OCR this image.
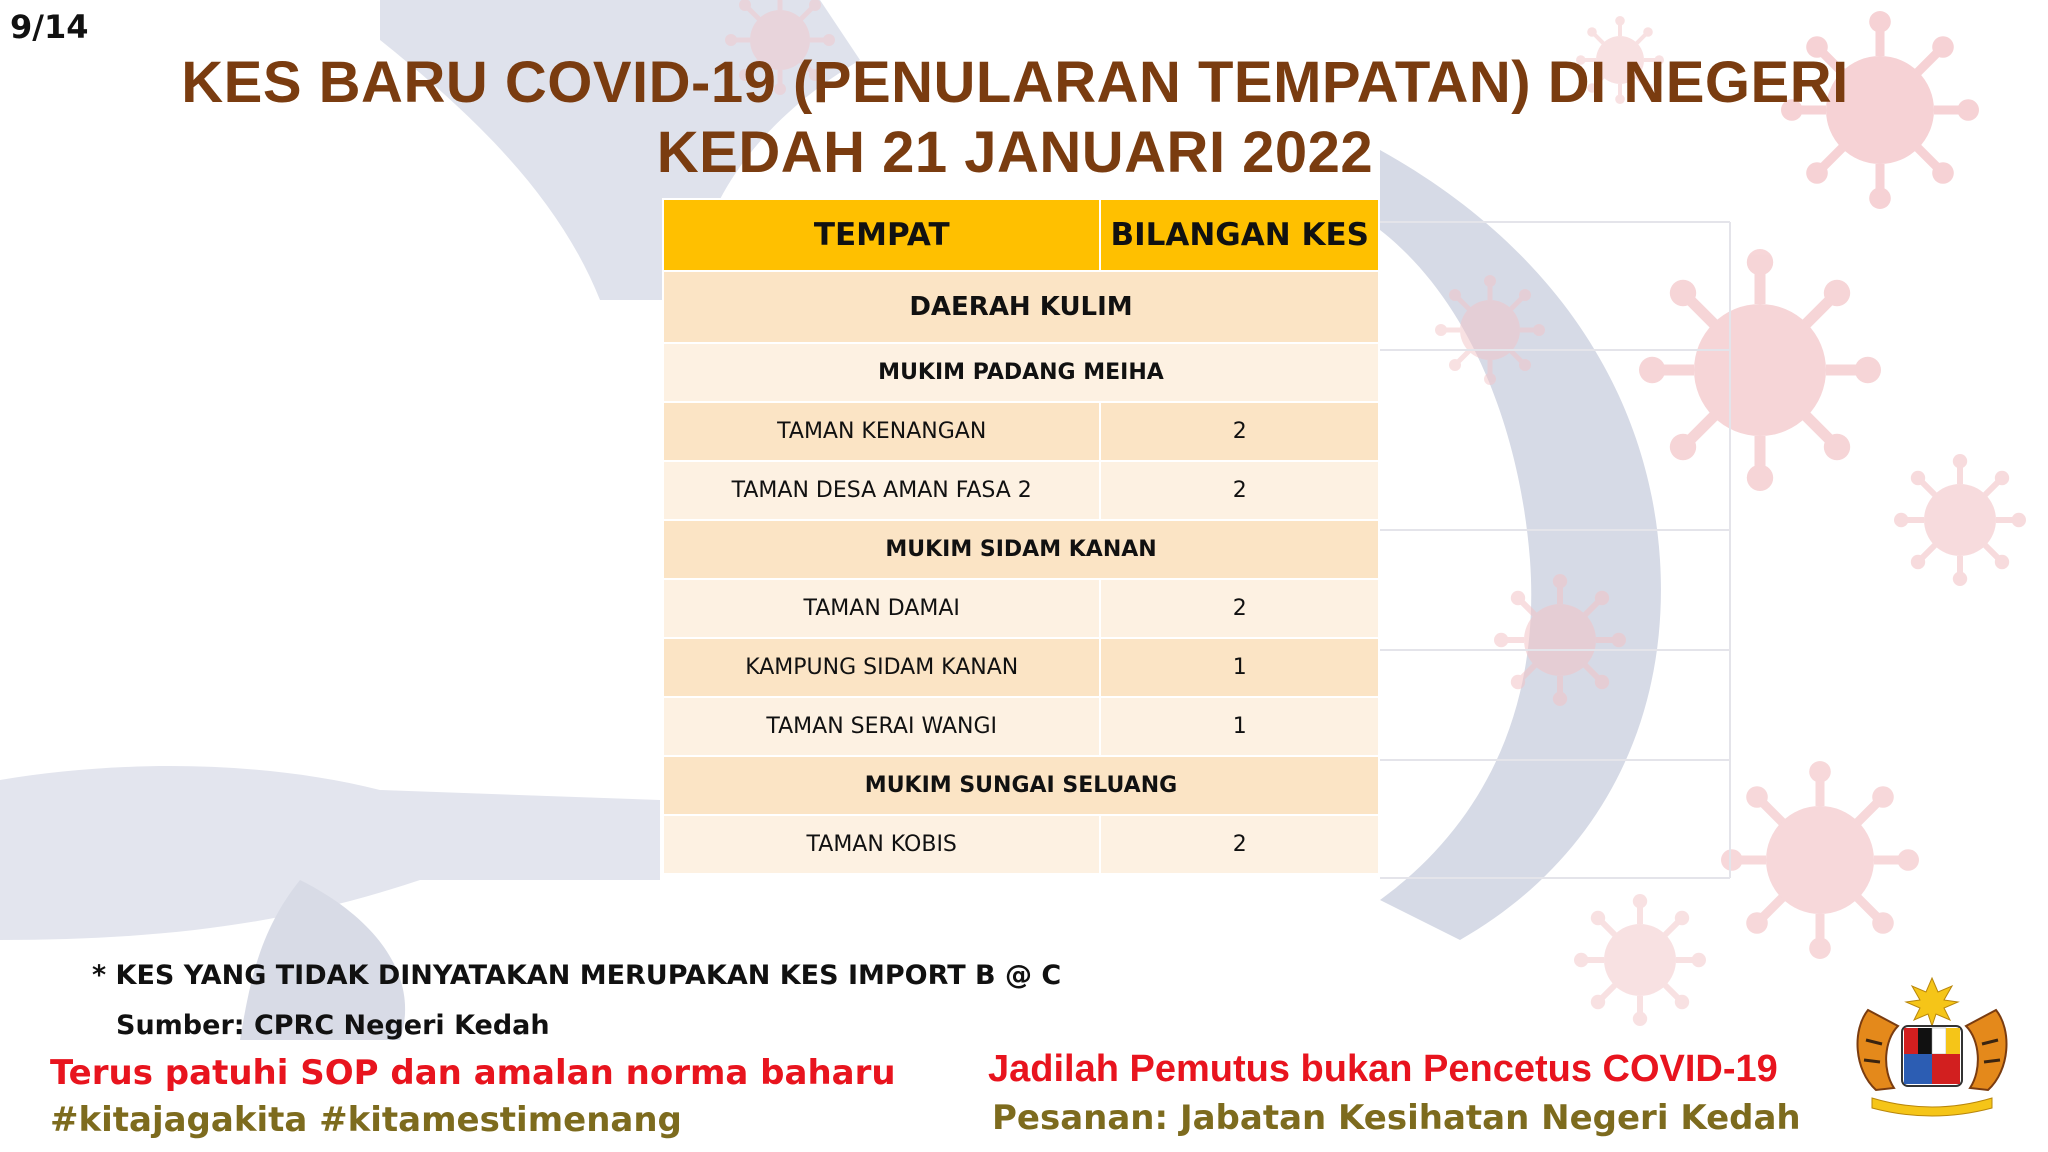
9/14
KES BARU COVID-19 (PENULARAN TEMPATAN) DI NEGERI
KEDAH 21 JANUARI 2022
TEMPAT	BILANGAN KES
DAERAH KULIM	
MUKIM PADANG MEIHA	
TAMAN KENANGAN	2
TAMAN DESA AMAN FASA 2	2
MUKIM SIDAM KANAN	
TAMAN DAMAI	2
KAMPUNG SIDAM KANAN	1
TAMAN SERAI WANGI	1
MUKIM SUNGAI SELUANG	
TAMAN KOBIS	2
* KES YANG TIDAK DINYATAKAN MERUPAKAN KES IMPORT B @ C
Sumber: CPRC Negeri Kedah
Terus patuhi SOP dan amalan norma baharu
#kitajagakita #kitamestimenang
Jadilah Pemutus bukan Pencetus COVID-19
Pesanan: Jabatan Kesihatan Negeri Kedah
